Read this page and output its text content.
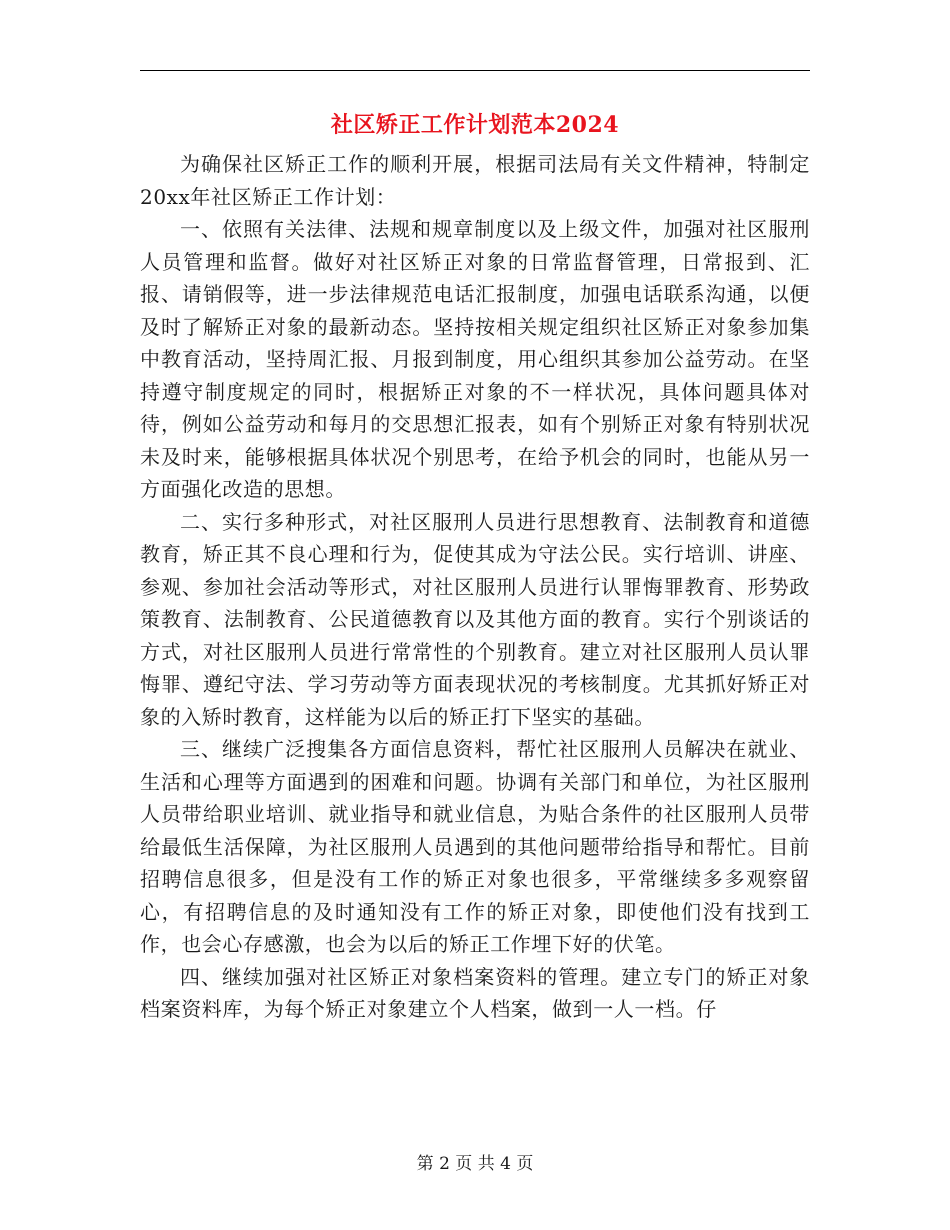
社区矫正工作计划范本2024

为确保社区矫正工作的顺利开展，根据司法局有关文件精神，特制定20xx年社区矫正工作计划：

一、依照有关法律、法规和规章制度以及上级文件，加强对社区服刑人员管理和监督。做好对社区矫正对象的日常监督管理，日常报到、汇报、请销假等，进一步法律规范电话汇报制度，加强电话联系沟通，以便及时了解矫正对象的最新动态。坚持按相关规定组织社区矫正对象参加集中教育活动，坚持周汇报、月报到制度，用心组织其参加公益劳动。在坚持遵守制度规定的同时，根据矫正对象的不一样状况，具体问题具体对待，例如公益劳动和每月的交思想汇报表，如有个别矫正对象有特别状况未及时来，能够根据具体状况个别思考，在给予机会的同时，也能从另一方面强化改造的思想。

二、实行多种形式，对社区服刑人员进行思想教育、法制教育和道德教育，矫正其不良心理和行为，促使其成为守法公民。实行培训、讲座、参观、参加社会活动等形式，对社区服刑人员进行认罪悔罪教育、形势政策教育、法制教育、公民道德教育以及其他方面的教育。实行个别谈话的方式，对社区服刑人员进行常常性的个别教育。建立对社区服刑人员认罪悔罪、遵纪守法、学习劳动等方面表现状况的考核制度。尤其抓好矫正对象的入矫时教育，这样能为以后的矫正打下坚实的基础。

三、继续广泛搜集各方面信息资料，帮忙社区服刑人员解决在就业、生活和心理等方面遇到的困难和问题。协调有关部门和单位，为社区服刑人员带给职业培训、就业指导和就业信息，为贴合条件的社区服刑人员带给最低生活保障，为社区服刑人员遇到的其他问题带给指导和帮忙。目前招聘信息很多，但是没有工作的矫正对象也很多，平常继续多多观察留心，有招聘信息的及时通知没有工作的矫正对象，即使他们没有找到工作，也会心存感激，也会为以后的矫正工作埋下好的伏笔。

四、继续加强对社区矫正对象档案资料的管理。建立专门的矫正对象档案资料库，为每个矫正对象建立个人档案，做到一人一档。仔

第 2 页 共 4 页
